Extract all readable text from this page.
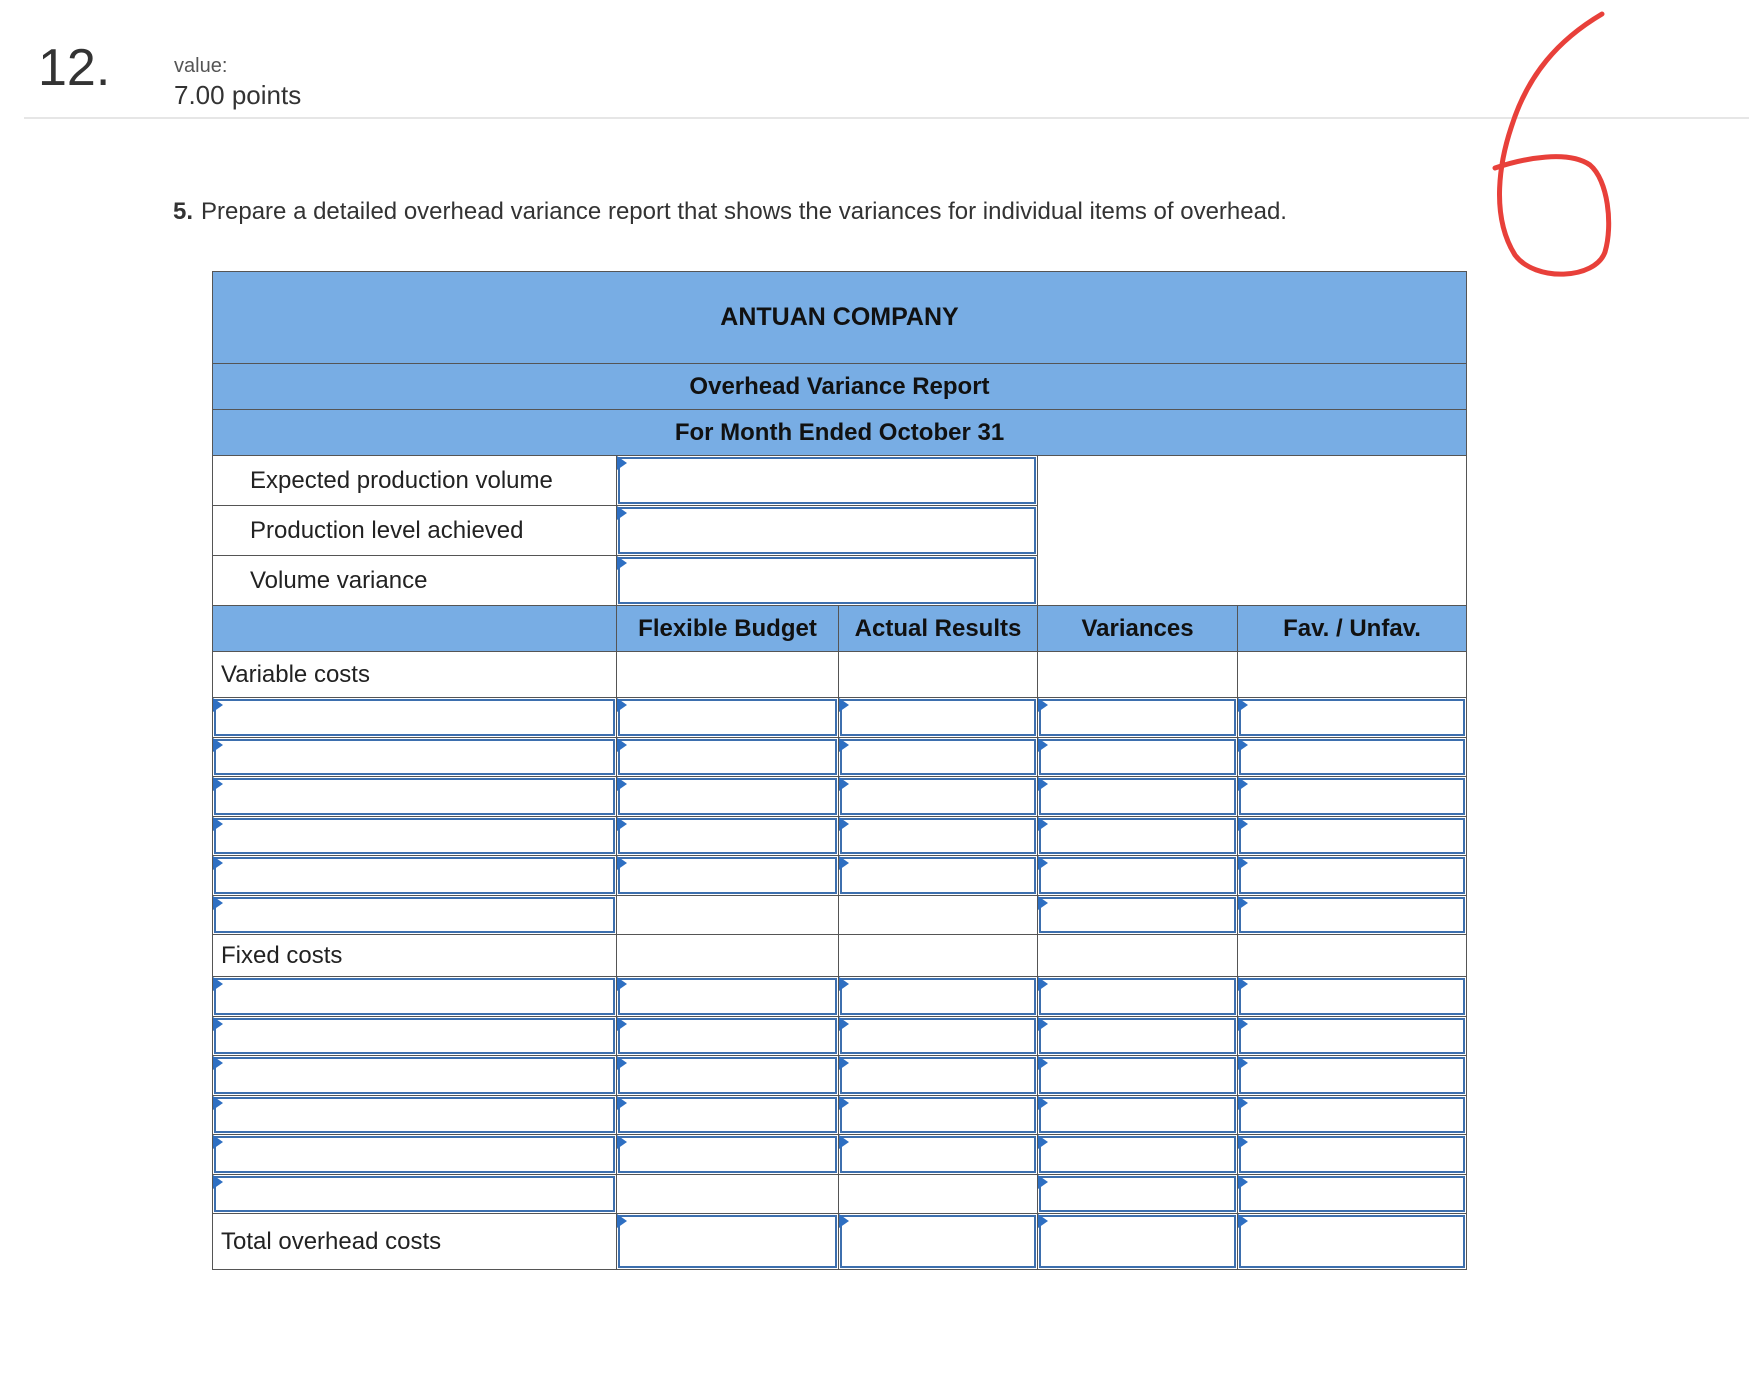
12.	value:
7.00 points
5. Prepare a detailed overhead variance report that shows the variances for individual items of overhead.
ANTUAN COMPANY				
Overhead Variance Report				
For Month Ended October 31				
Expected production volume			

Production level achieved				

Volume variance				

	Flexible Budget	Actual Results	Variances	Fav. / Unfav.
Variable costs				

Fixed costs				

Total overhead costs	
